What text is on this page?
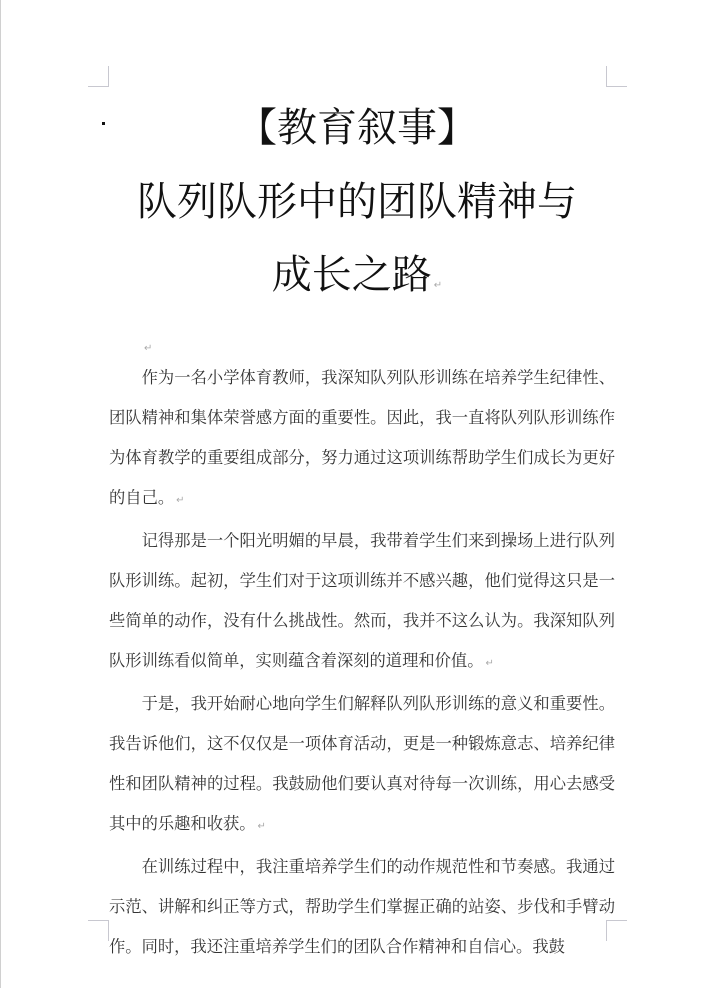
【教育叙事】
队列队形中的团队精神与
成长之路 ↵
↵

作为一名小学体育教师，我深知队列队形训练在培养学生纪律性、团队精神和集体荣誉感方面的重要性。因此，我一直将队列队形训练作为体育教学的重要组成部分，努力通过这项训练帮助学生们成长为更好的自己。 ↵

记得那是一个阳光明媚的早晨，我带着学生们来到操场上进行队列队形训练。起初，学生们对于这项训练并不感兴趣，他们觉得这只是一些简单的动作，没有什么挑战性。然而，我并不这么认为。我深知队列队形训练看似简单，实则蕴含着深刻的道理和价值。 ↵

于是，我开始耐心地向学生们解释队列队形训练的意义和重要性。我告诉他们，这不仅仅是一项体育活动，更是一种锻炼意志、培养纪律性和团队精神的过程。我鼓励他们要认真对待每一次训练，用心去感受其中的乐趣和收获。 ↵

在训练过程中，我注重培养学生们的动作规范性和节奏感。我通过示范、讲解和纠正等方式，帮助学生们掌握正确的站姿、步伐和手臂动作。同时，我还注重培养学生们的团队合作精神和自信心。我鼓
